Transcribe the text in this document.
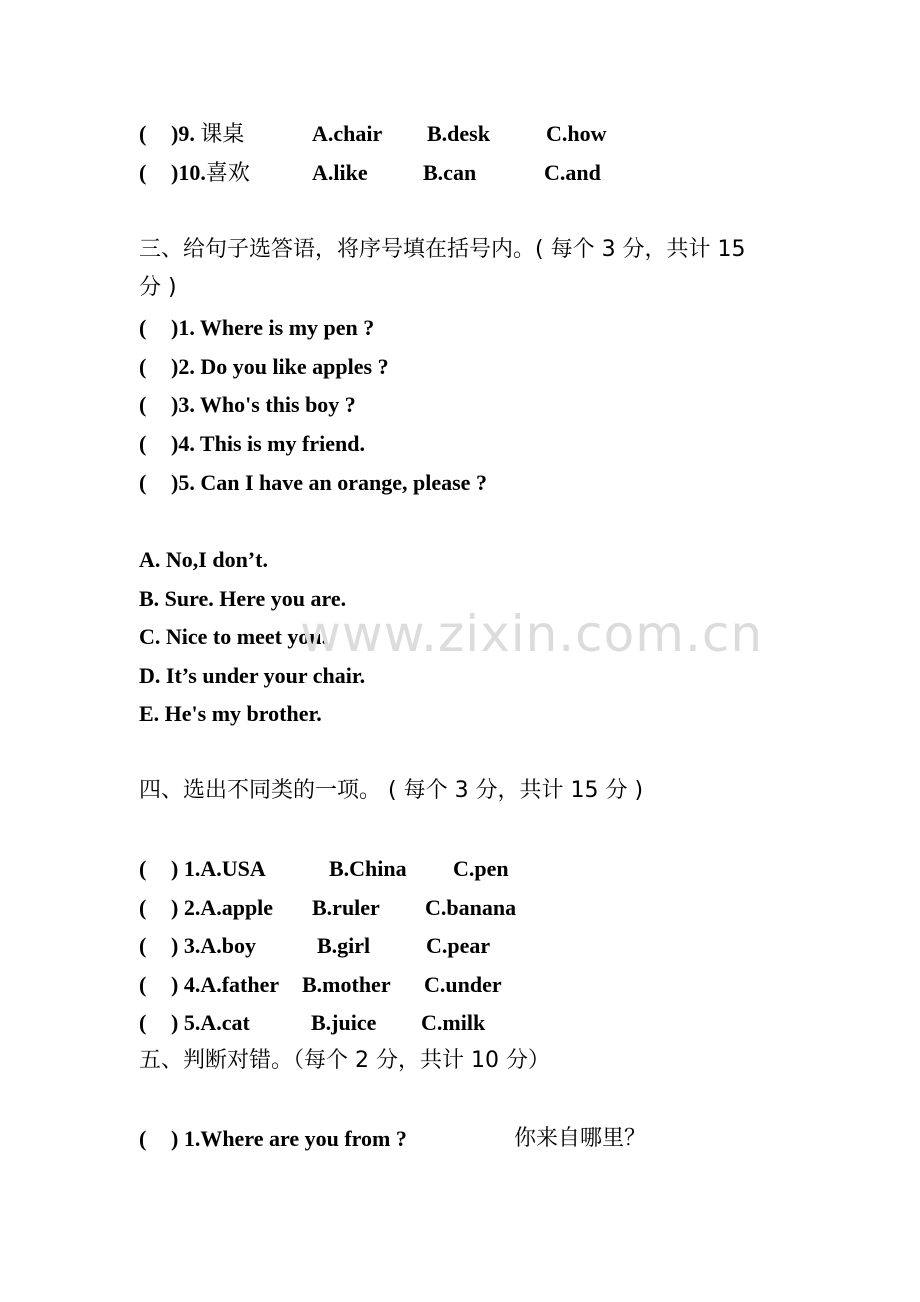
( )9. 课桌	A.chair B.desk	C.how
( )10.喜欢	A.like	B.can	C.and
三、给句子选答语，将序号填在括号内。( 每个 3 分，共计 15
分 )
( )1. Where is my pen ?
( )2. Do you like apples ?
( )3. Who's this boy ?
( )4. This is my friend.
( )5. Can I have an orange, please ?
A. No,I don’t.
B. Sure. Here you are.
C. Nice to meet you.
D. It’s under your chair.
E. He's my brother.
www.zixin.com.cn
四、选出不同类的一项。 ( 每个 3 分，共计 15 分 )
( ) 1.A.USA	B.China C.pen
( ) 2.A.apple B.ruler C.banana
( ) 3.A.boy	B.girl	C.pear
( ) 4.A.father B.mother C.under
( ) 5.A.cat	B.juice C.milk
五、判断对错。（每个 2 分，共计 10 分）
( ) 1.Where are you from ?	你来自哪里？
